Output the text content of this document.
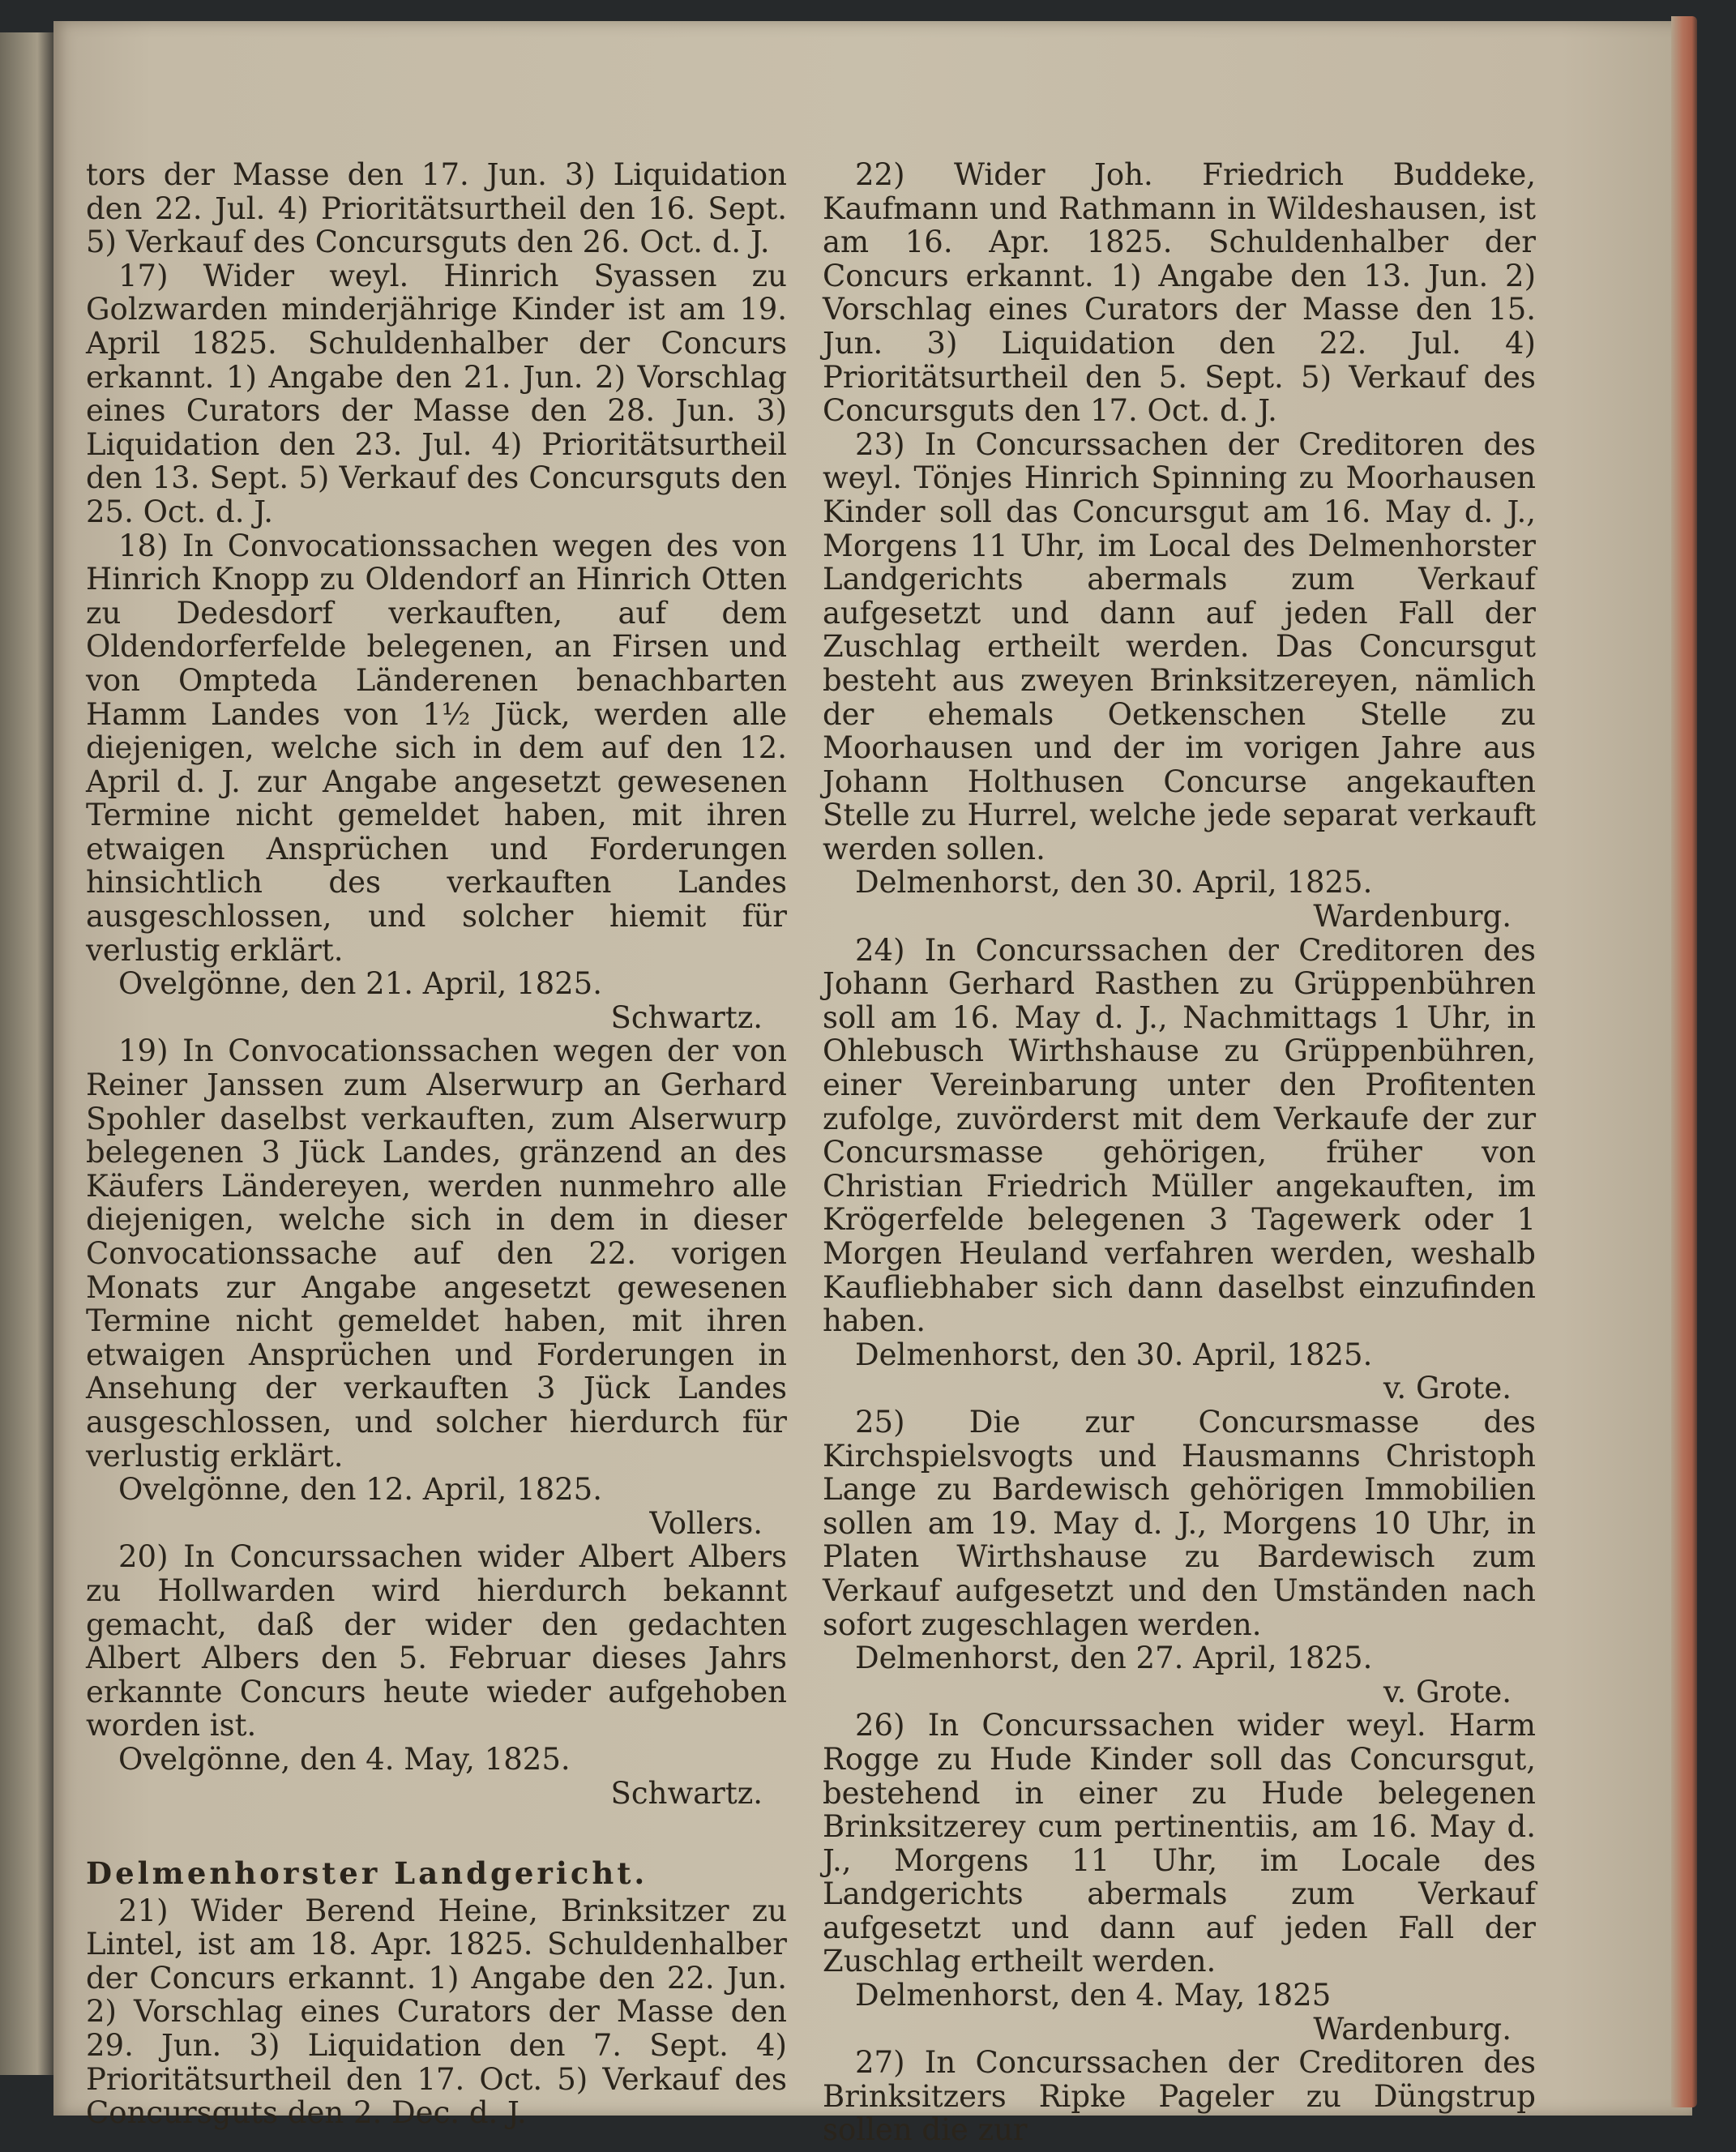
tors der Masse den 17. Jun. 3) Liquidation den 22. Jul. 4) Prioritätsurtheil den 16. Sept. 5) Verkauf des Concursguts den 26. Oct. d. J.

17) Wider weyl. Hinrich Syassen zu Golzwarden minderjährige Kinder ist am 19. April 1825. Schuldenhalber der Concurs erkannt. 1) Angabe den 21. Jun. 2) Vorschlag eines Curators der Masse den 28. Jun. 3) Liquidation den 23. Jul. 4) Prioritätsurtheil den 13. Sept. 5) Verkauf des Concursguts den 25. Oct. d. J.

18) In Convocationssachen wegen des von Hinrich Knopp zu Oldendorf an Hinrich Otten zu Dedesdorf verkauften, auf dem Oldendorferfelde belegenen, an Firsen und von Ompteda Länderenen benachbarten Hamm Landes von 1½ Jück, werden alle diejenigen, welche sich in dem auf den 12. April d. J. zur Angabe angesetzt gewesenen Termine nicht gemeldet haben, mit ihren etwaigen Ansprüchen und Forderungen hinsichtlich des verkauften Landes ausgeschlossen, und solcher hiemit für verlustig erklärt.

Ovelgönne, den 21. April, 1825.

Schwartz.

19) In Convocationssachen wegen der von Reiner Janssen zum Alserwurp an Gerhard Spohler daselbst verkauften, zum Alserwurp belegenen 3 Jück Landes, gränzend an des Käufers Ländereyen, werden nunmehro alle diejenigen, welche sich in dem in dieser Convocationssache auf den 22. vorigen Monats zur Angabe angesetzt gewesenen Termine nicht gemeldet haben, mit ihren etwaigen Ansprüchen und Forderungen in Ansehung der verkauften 3 Jück Landes ausgeschlossen, und solcher hierdurch für verlustig erklärt.

Ovelgönne, den 12. April, 1825.

Vollers.

20) In Concurssachen wider Albert Albers zu Hollwarden wird hierdurch bekannt gemacht, daß der wider den gedachten Albert Albers den 5. Februar dieses Jahrs erkannte Concurs heute wieder aufgehoben worden ist.

Ovelgönne, den 4. May, 1825.

Schwartz.

Delmenhorster Landgericht.

21) Wider Berend Heine, Brinksitzer zu Lintel, ist am 18. Apr. 1825. Schuldenhalber der Concurs erkannt. 1) Angabe den 22. Jun. 2) Vorschlag eines Curators der Masse den 29. Jun. 3) Liquidation den 7. Sept. 4) Prioritätsurtheil den 17. Oct. 5) Verkauf des Concursguts den 2. Dec. d. J.

22) Wider Joh. Friedrich Buddeke, Kaufmann und Rathmann in Wildeshausen, ist am 16. Apr. 1825. Schuldenhalber der Concurs erkannt. 1) Angabe den 13. Jun. 2) Vorschlag eines Curators der Masse den 15. Jun. 3) Liquidation den 22. Jul. 4) Prioritätsurtheil den 5. Sept. 5) Verkauf des Concursguts den 17. Oct. d. J.

23) In Concurssachen der Creditoren des weyl. Tönjes Hinrich Spinning zu Moorhausen Kinder soll das Concursgut am 16. May d. J., Morgens 11 Uhr, im Local des Delmenhorster Landgerichts abermals zum Verkauf aufgesetzt und dann auf jeden Fall der Zuschlag ertheilt werden. Das Concursgut besteht aus zweyen Brinksitzereyen, nämlich der ehemals Oetkenschen Stelle zu Moorhausen und der im vorigen Jahre aus Johann Holthusen Concurse angekauften Stelle zu Hurrel, welche jede separat verkauft werden sollen.

Delmenhorst, den 30. April, 1825.

Wardenburg.

24) In Concurssachen der Creditoren des Johann Gerhard Rasthen zu Grüppenbühren soll am 16. May d. J., Nachmittags 1 Uhr, in Ohlebusch Wirthshause zu Grüppenbühren, einer Vereinbarung unter den Profitenten zufolge, zuvörderst mit dem Verkaufe der zur Concursmasse gehörigen, früher von Christian Friedrich Müller angekauften, im Krögerfelde belegenen 3 Tagewerk oder 1 Morgen Heuland verfahren werden, weshalb Kaufliebhaber sich dann daselbst einzufinden haben.

Delmenhorst, den 30. April, 1825.

v. Grote.

25) Die zur Concursmasse des Kirchspielsvogts und Hausmanns Christoph Lange zu Bardewisch gehörigen Immobilien sollen am 19. May d. J., Morgens 10 Uhr, in Platen Wirthshause zu Bardewisch zum Verkauf aufgesetzt und den Umständen nach sofort zugeschlagen werden.

Delmenhorst, den 27. April, 1825.

v. Grote.

26) In Concurssachen wider weyl. Harm Rogge zu Hude Kinder soll das Concursgut, bestehend in einer zu Hude belegenen Brinksitzerey cum pertinentiis, am 16. May d. J., Morgens 11 Uhr, im Locale des Landgerichts abermals zum Verkauf aufgesetzt und dann auf jeden Fall der Zuschlag ertheilt werden.

Delmenhorst, den 4. May, 1825

Wardenburg.

27) In Concurssachen der Creditoren des Brinksitzers Ripke Pageler zu Düngstrup sollen die zur
